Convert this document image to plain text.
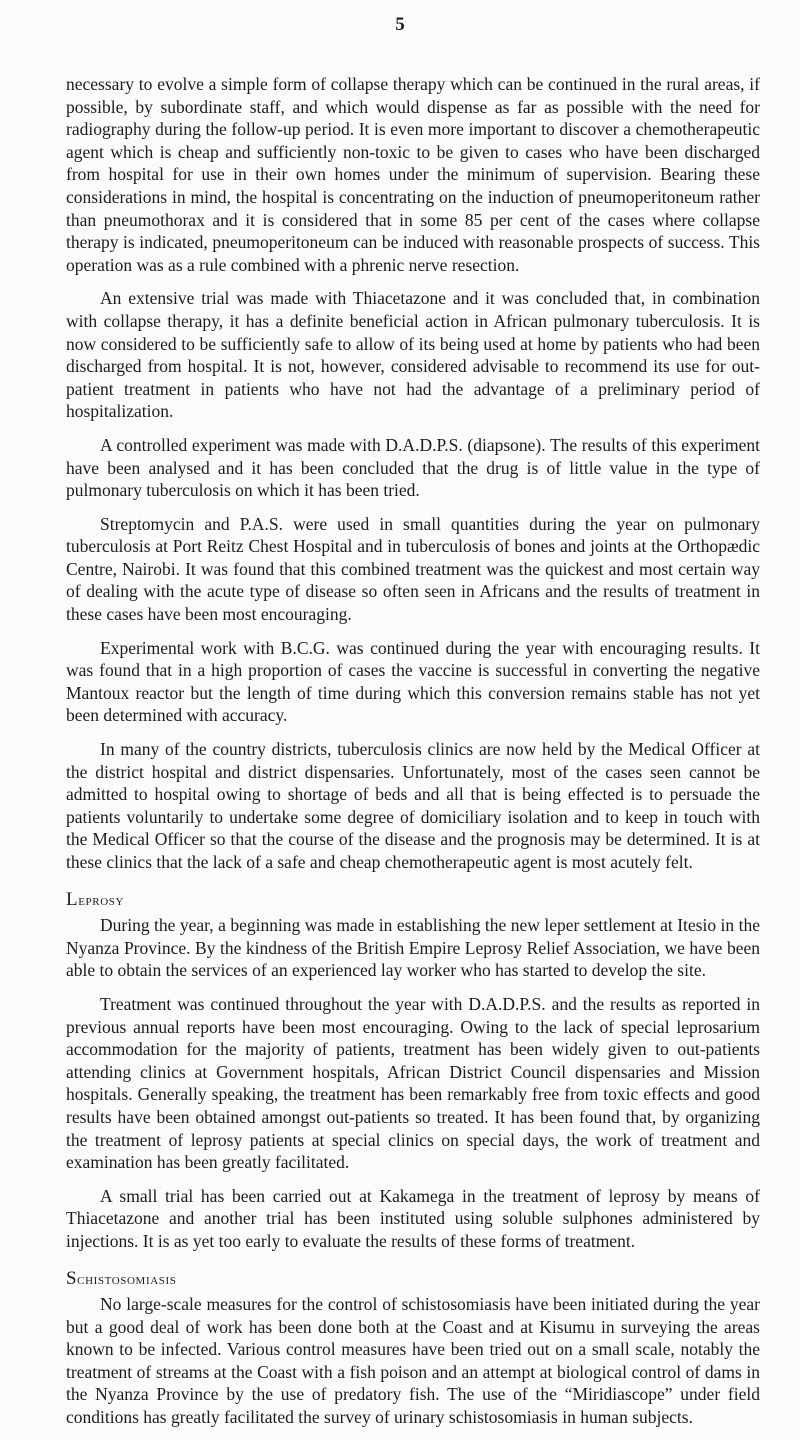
5

necessary to evolve a simple form of collapse therapy which can be continued in the rural areas, if possible, by subordinate staff, and which would dispense as far as possible with the need for radiography during the follow-up period. It is even more important to discover a chemotherapeutic agent which is cheap and sufficiently non-toxic to be given to cases who have been discharged from hospital for use in their own homes under the minimum of supervision. Bearing these considerations in mind, the hospital is concentrating on the induction of pneumoperitoneum rather than pneumothorax and it is considered that in some 85 per cent of the cases where collapse therapy is indicated, pneumoperitoneum can be induced with reasonable prospects of success. This operation was as a rule combined with a phrenic nerve resection.

An extensive trial was made with Thiacetazone and it was concluded that, in combination with collapse therapy, it has a definite beneficial action in African pulmonary tuberculosis. It is now considered to be sufficiently safe to allow of its being used at home by patients who had been discharged from hospital. It is not, however, considered advisable to recommend its use for out-patient treatment in patients who have not had the advantage of a preliminary period of hospitalization.

A controlled experiment was made with D.A.D.P.S. (diapsone). The results of this experiment have been analysed and it has been concluded that the drug is of little value in the type of pulmonary tuberculosis on which it has been tried.

Streptomycin and P.A.S. were used in small quantities during the year on pulmonary tuberculosis at Port Reitz Chest Hospital and in tuberculosis of bones and joints at the Orthopædic Centre, Nairobi. It was found that this combined treatment was the quickest and most certain way of dealing with the acute type of disease so often seen in Africans and the results of treatment in these cases have been most encouraging.

Experimental work with B.C.G. was continued during the year with encouraging results. It was found that in a high proportion of cases the vaccine is successful in converting the negative Mantoux reactor but the length of time during which this conversion remains stable has not yet been determined with accuracy.

In many of the country districts, tuberculosis clinics are now held by the Medical Officer at the district hospital and district dispensaries. Unfortunately, most of the cases seen cannot be admitted to hospital owing to shortage of beds and all that is being effected is to persuade the patients voluntarily to undertake some degree of domiciliary isolation and to keep in touch with the Medical Officer so that the course of the disease and the prognosis may be determined. It is at these clinics that the lack of a safe and cheap chemotherapeutic agent is most acutely felt.

Leprosy

During the year, a beginning was made in establishing the new leper settlement at Itesio in the Nyanza Province. By the kindness of the British Empire Leprosy Relief Association, we have been able to obtain the services of an experienced lay worker who has started to develop the site.

Treatment was continued throughout the year with D.A.D.P.S. and the results as reported in previous annual reports have been most encouraging. Owing to the lack of special leprosarium accommodation for the majority of patients, treatment has been widely given to out-patients attending clinics at Government hospitals, African District Council dispensaries and Mission hospitals. Generally speaking, the treatment has been remarkably free from toxic effects and good results have been obtained amongst out-patients so treated. It has been found that, by organizing the treatment of leprosy patients at special clinics on special days, the work of treatment and examination has been greatly facilitated.

A small trial has been carried out at Kakamega in the treatment of leprosy by means of Thiacetazone and another trial has been instituted using soluble sulphones administered by injections. It is as yet too early to evaluate the results of these forms of treatment.

Schistosomiasis

No large-scale measures for the control of schistosomiasis have been initiated during the year but a good deal of work has been done both at the Coast and at Kisumu in surveying the areas known to be infected. Various control measures have been tried out on a small scale, notably the treatment of streams at the Coast with a fish poison and an attempt at biological control of dams in the Nyanza Province by the use of predatory fish. The use of the “Miridiascope” under field conditions has greatly facilitated the survey of urinary schistosomiasis in human subjects.
